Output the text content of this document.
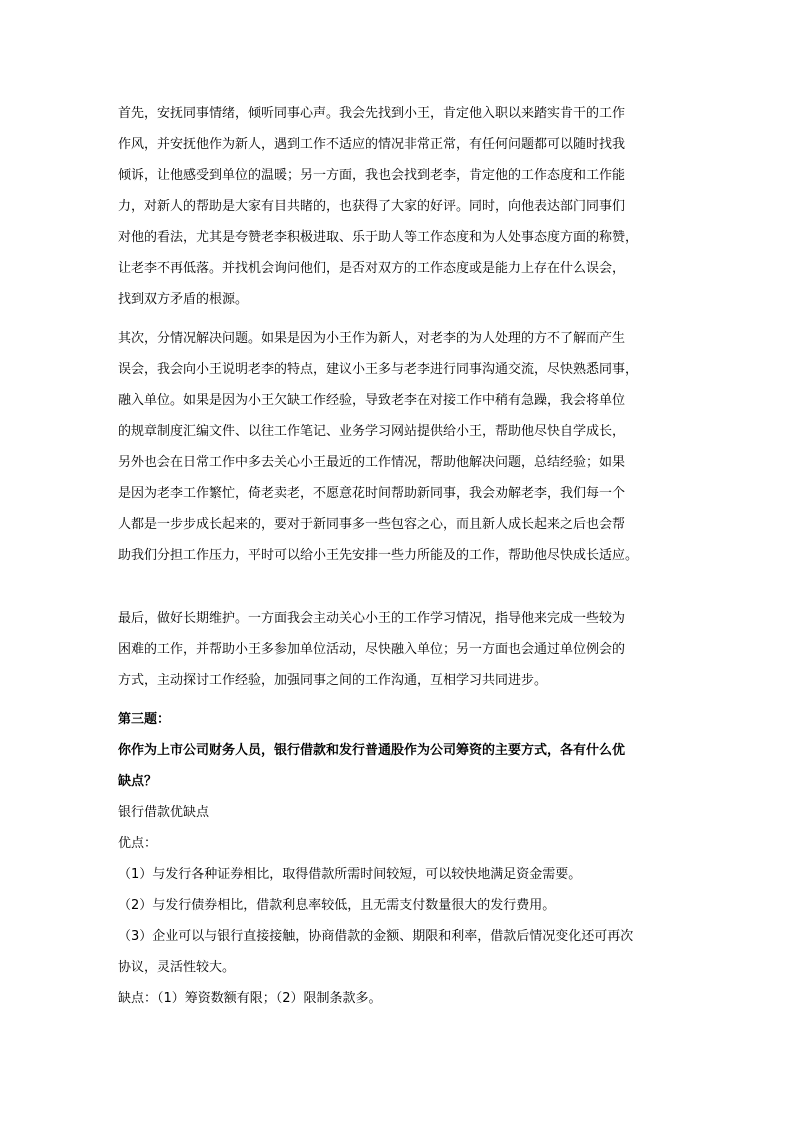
首先，安抚同事情绪，倾听同事心声。我会先找到小王，肯定他入职以来踏实肯干的工作

作风，并安抚他作为新人，遇到工作不适应的情况非常正常，有任何问题都可以随时找我

倾诉，让他感受到单位的温暖；另一方面，我也会找到老李，肯定他的工作态度和工作能

力，对新人的帮助是大家有目共睹的，也获得了大家的好评。同时，向他表达部门同事们

对他的看法，尤其是夸赞老李积极进取、乐于助人等工作态度和为人处事态度方面的称赞，

让老李不再低落。并找机会询问他们，是否对双方的工作态度或是能力上存在什么误会，

找到双方矛盾的根源。

其次，分情况解决问题。如果是因为小王作为新人，对老李的为人处理的方不了解而产生

误会，我会向小王说明老李的特点，建议小王多与老李进行同事沟通交流，尽快熟悉同事，

融入单位。如果是因为小王欠缺工作经验，导致老李在对接工作中稍有急躁，我会将单位

的规章制度汇编文件、以往工作笔记、业务学习网站提供给小王，帮助他尽快自学成长，

另外也会在日常工作中多去关心小王最近的工作情况，帮助他解决问题，总结经验；如果

是因为老李工作繁忙，倚老卖老，不愿意花时间帮助新同事，我会劝解老李，我们每一个

人都是一步步成长起来的，要对于新同事多一些包容之心，而且新人成长起来之后也会帮

助我们分担工作压力，平时可以给小王先安排一些力所能及的工作，帮助他尽快成长适应。

最后，做好长期维护。一方面我会主动关心小王的工作学习情况，指导他来完成一些较为

困难的工作，并帮助小王多参加单位活动，尽快融入单位；另一方面也会通过单位例会的

方式，主动探讨工作经验，加强同事之间的工作沟通，互相学习共同进步。

第三题：

你作为上市公司财务人员，银行借款和发行普通股作为公司筹资的主要方式，各有什么优

缺点？

银行借款优缺点

优点：

（1）与发行各种证券相比，取得借款所需时间较短，可以较快地满足资金需要。

（2）与发行债券相比，借款利息率较低，且无需支付数量很大的发行费用。

（3）企业可以与银行直接接触，协商借款的金额、期限和利率，借款后情况变化还可再次

协议，灵活性较大。

缺点：（1）筹资数额有限；（2）限制条款多。
